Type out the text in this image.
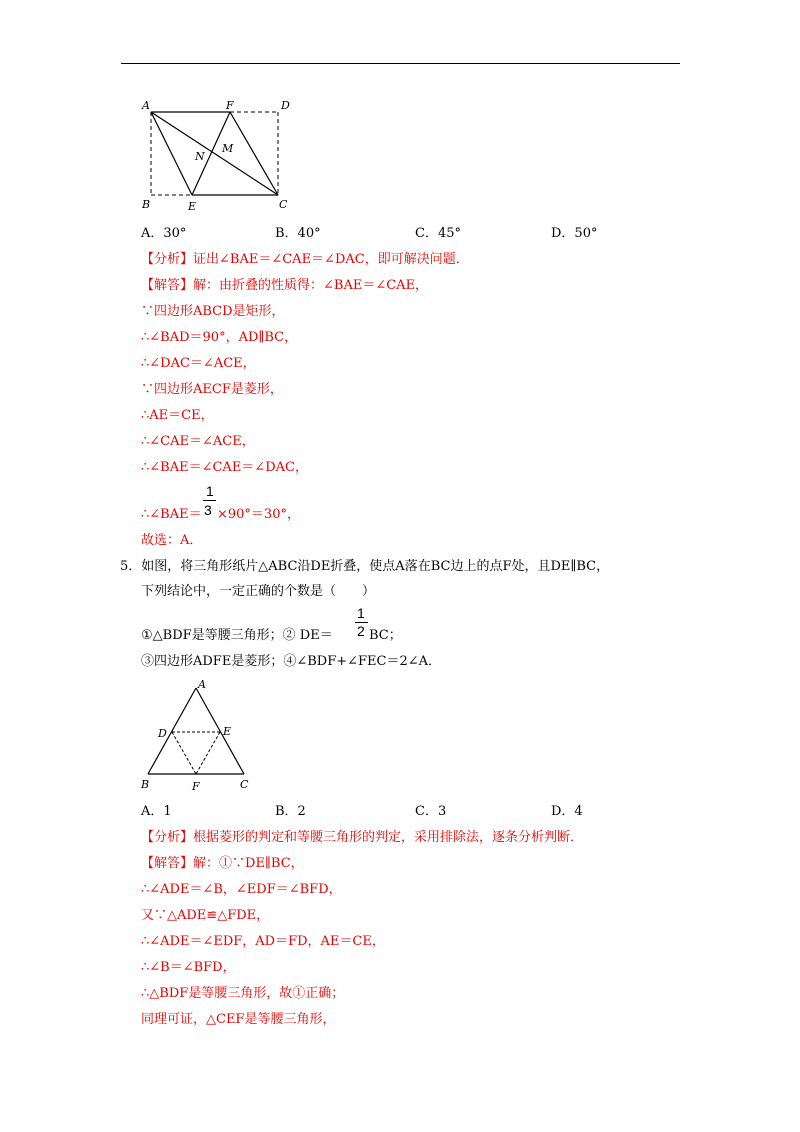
A	F	D
N
M
B	E	C
A．30°	B．40°	C．45°	D．50°
【分析】证出∠BAE＝∠CAE＝∠DAC，即可解决问题．
【解答】解：由折叠的性质得：∠BAE＝∠CAE，
∵四边形ABCD是矩形，
∴∠BAD＝90°，AD∥BC，
∴∠DAC＝∠ACE，
∵四边形AECF是菱形，
∴AE＝CE，
∴∠CAE＝∠ACE，
∴∠BAE＝∠CAE＝∠DAC，
∴∠BAE＝
1
3 ×90°＝30°，
故选：A．
5．如图，将三角形纸片△ABC沿DE折叠，使点A落在BC边上的点F处，且DE∥BC，
下列结论中，一定正确的个数是（　　）
①△BDF是等腰三角形；② DE＝
1
2 BC；
③四边形ADFE是菱形；④∠BDF+∠FEC＝2∠A．
A
D	E
B	F	C
A．1	B．2	C．3	D．4
【分析】根据菱形的判定和等腰三角形的判定，采用排除法，逐条分析判断．
【解答】解：①∵DE∥BC，
∴∠ADE＝∠B，∠EDF＝∠BFD，
又∵△ADE≌△FDE，
∴∠ADE＝∠EDF，AD＝FD，AE＝CE，
∴∠B＝∠BFD，
∴△BDF是等腰三角形，故①正确；
同理可证，△CEF是等腰三角形，
